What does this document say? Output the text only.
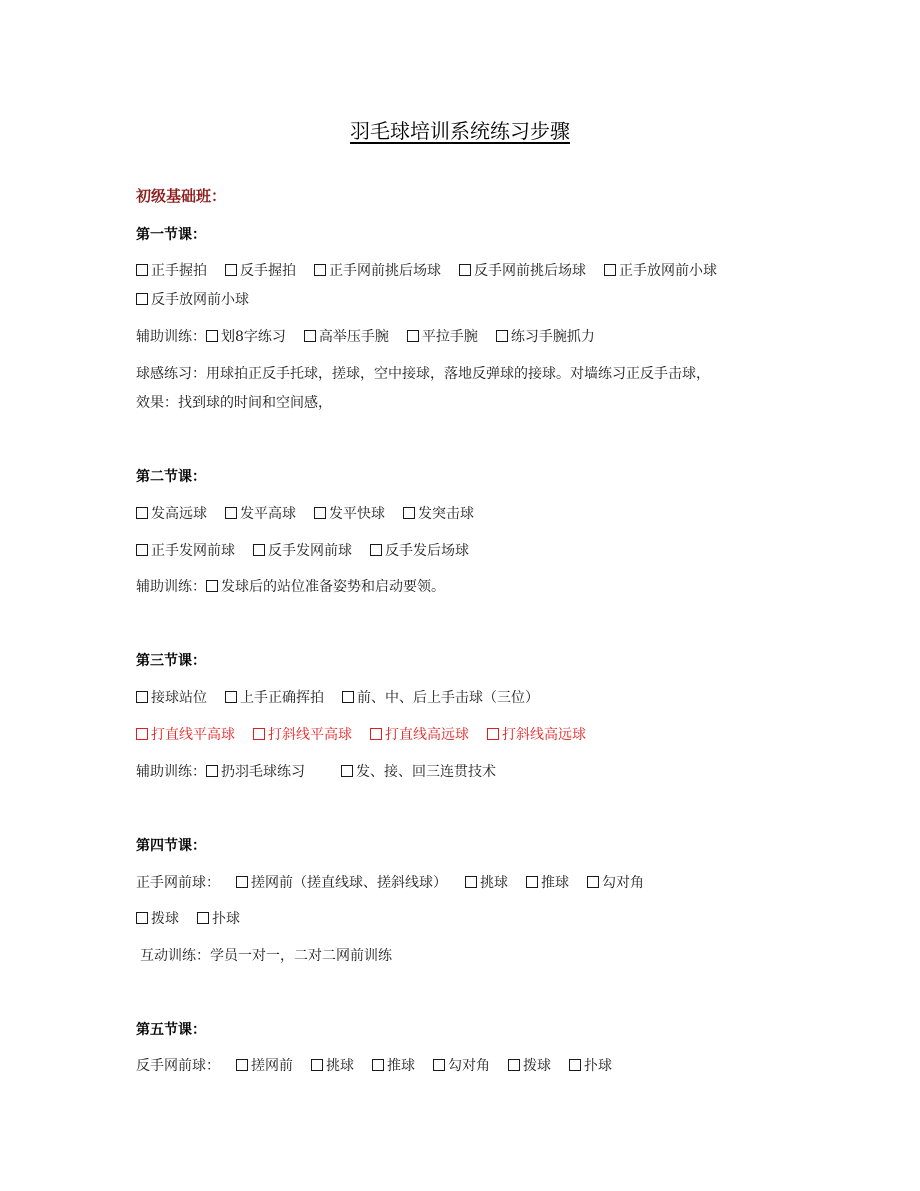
羽毛球培训系统练习步骤
初级基础班：
第一节课：
正手握拍 反手握拍 正手网前挑后场球 反手网前挑后场球 正手放网前小球
反手放网前小球
辅助训练： 划8字练习 高举压手腕 平拉手腕 练习手腕抓力
球感练习：用球拍正反手托球，搓球，空中接球，落地反弹球的接球。对墙练习正反手击球，
效果：找到球的时间和空间感，
第二节课：
发高远球 发平高球 发平快球 发突击球
正手发网前球 反手发网前球 反手发后场球
辅助训练： 发球后的站位准备姿势和启动要领。
第三节课：
接球站位 上手正确挥拍 前、中、后上手击球（三位）
打直线平高球 打斜线平高球 打直线高远球 打斜线高远球
辅助训练： 扔羽毛球练习	发、接、回三连贯技术
第四节课：
正手网前球： 搓网前（搓直线球、搓斜线球） 挑球 推球 勾对角
拨球 扑球
互动训练：学员一对一，二对二网前训练
第五节课：
反手网前球： 搓网前 挑球 推球 勾对角 拨球 扑球
